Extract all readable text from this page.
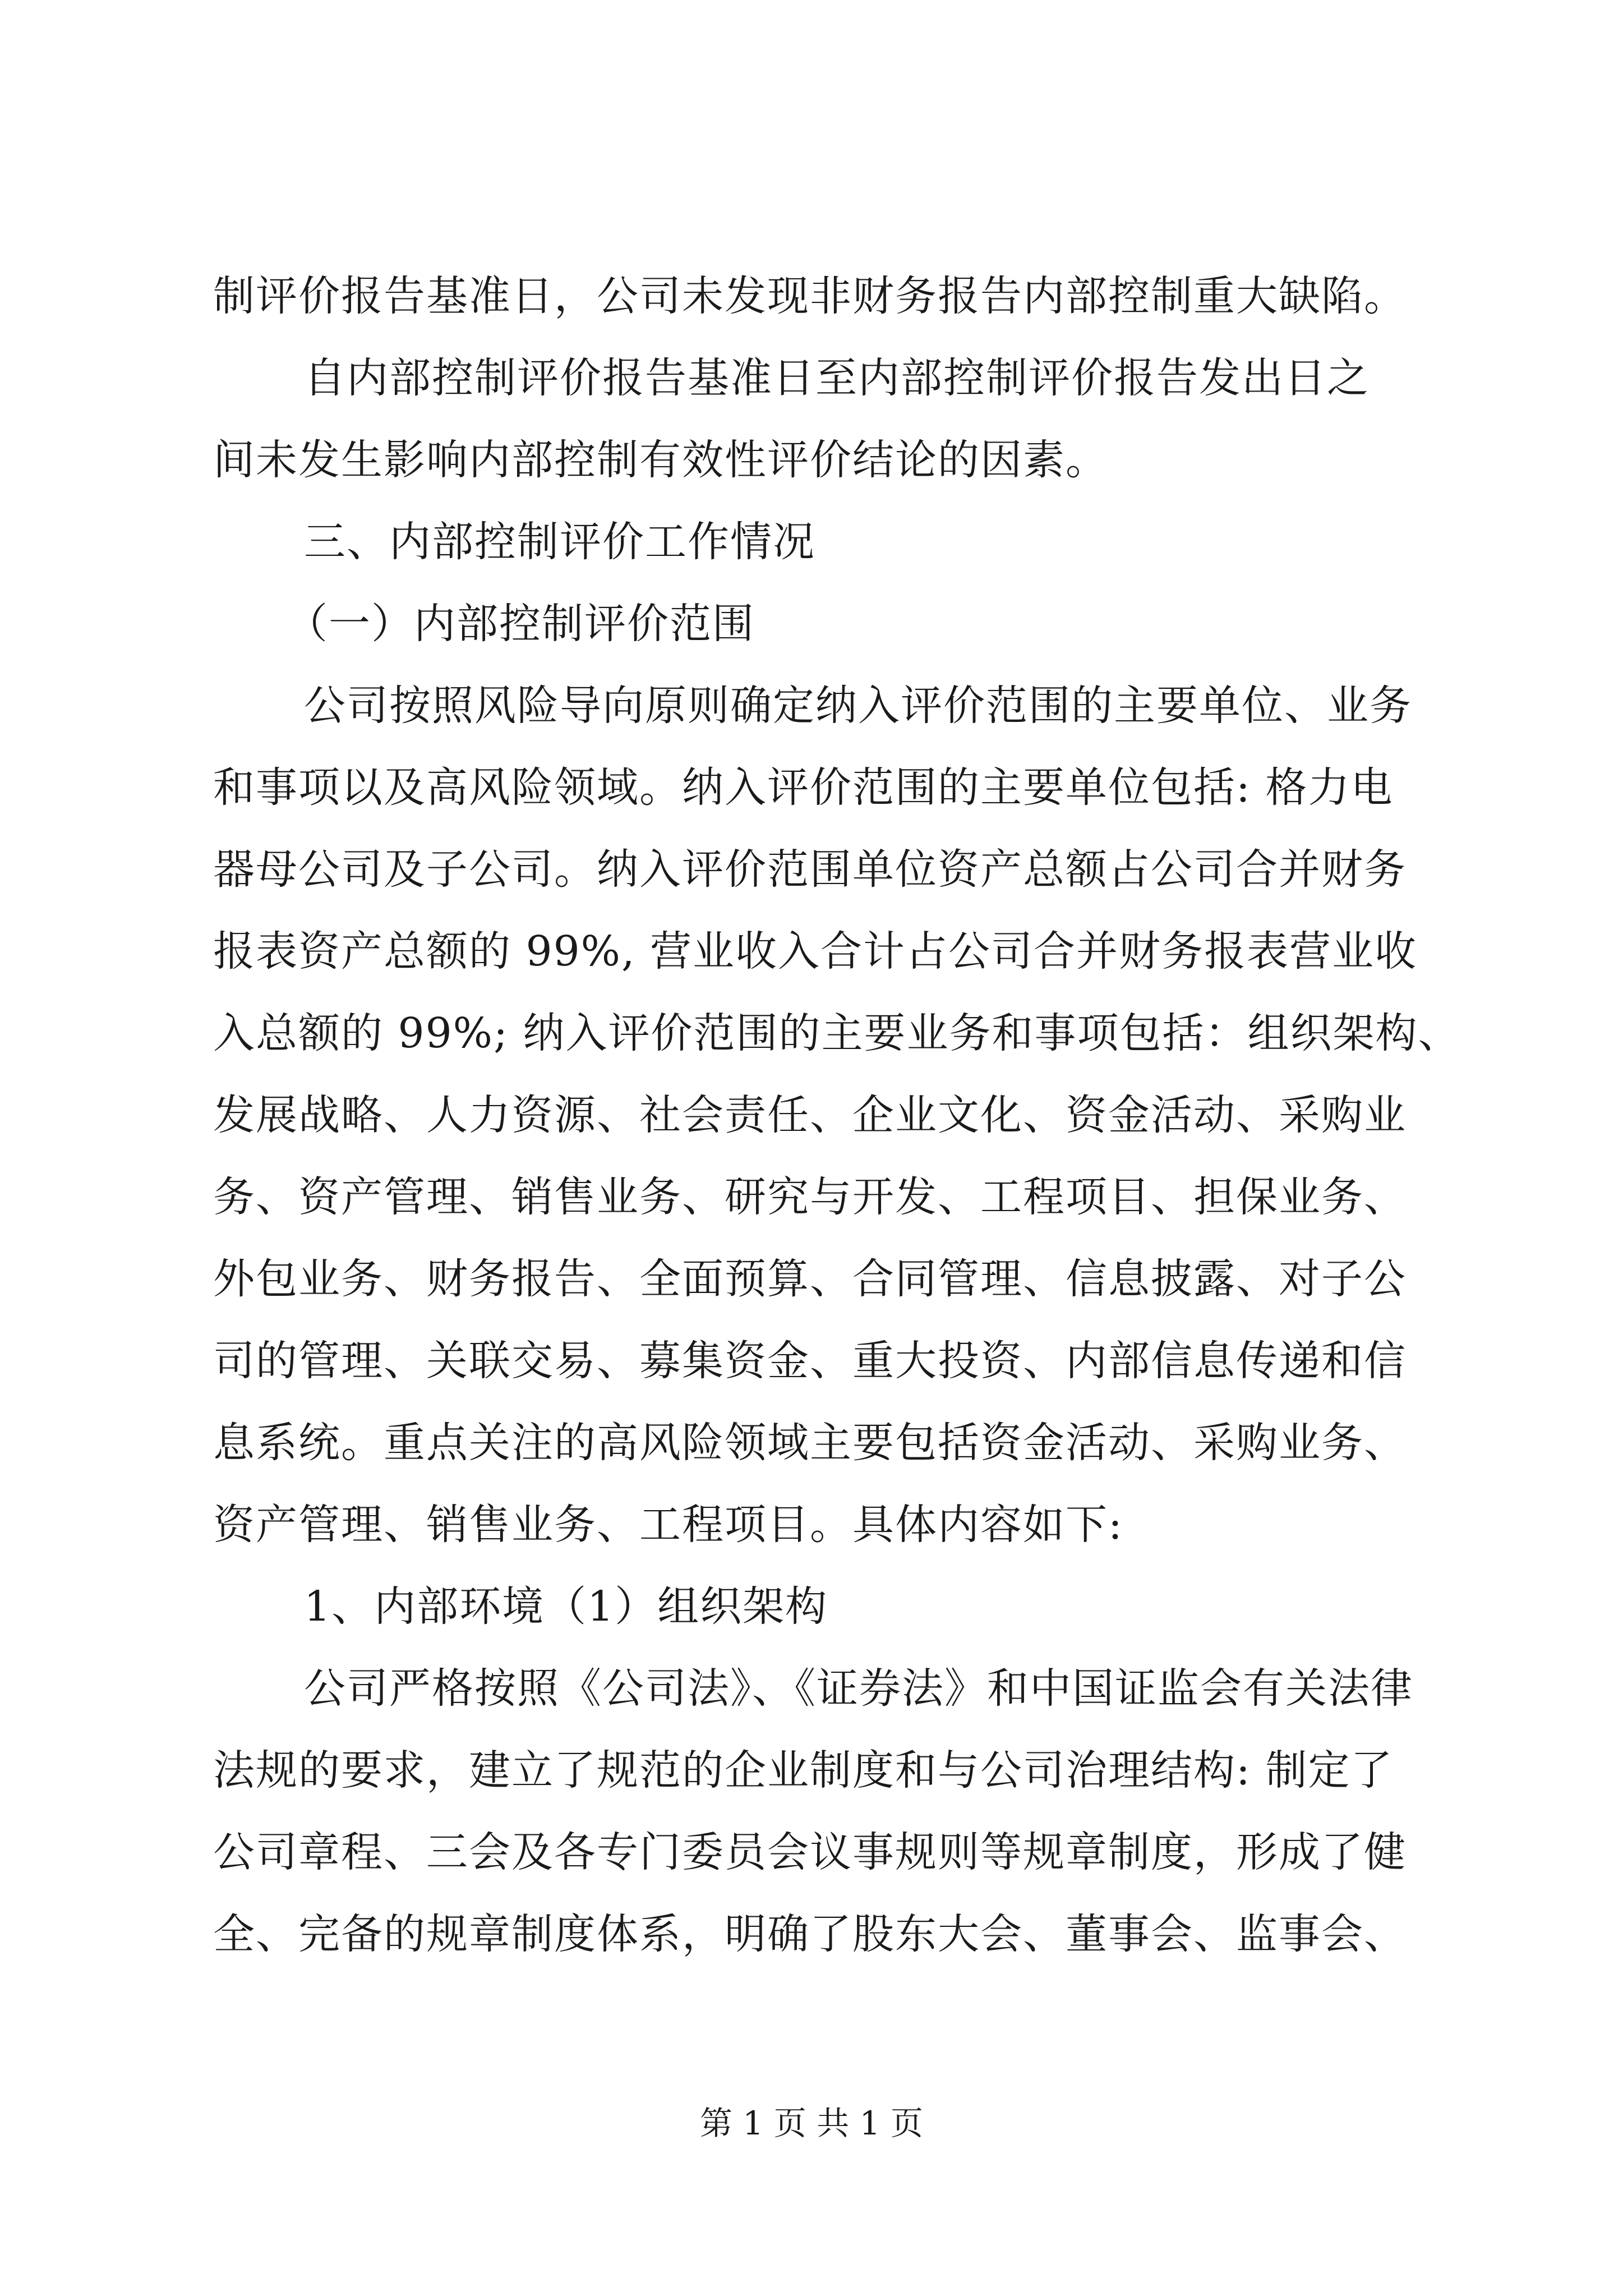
制评价报告基准日，公司未发现非财务报告内部控制重大缺陷。
自内部控制评价报告基准日至内部控制评价报告发出日之
间未发生影响内部控制有效性评价结论的因素。
三、内部控制评价工作情况
（一）内部控制评价范围
公司按照风险导向原则确定纳入评价范围的主要单位、业务
和事项以及高风险领域。纳入评价范围的主要单位包括: 格力电
器母公司及子公司。纳入评价范围单位资产总额占公司合并财务
报表资产总额的 99%, 营业收入合计占公司合并财务报表营业收
入总额的 99%; 纳入评价范围的主要业务和事项包括：组织架构、
发展战略、人力资源、社会责任、企业文化、资金活动、采购业
务、资产管理、销售业务、研究与开发、工程项目、担保业务、
外包业务、财务报告、全面预算、合同管理、信息披露、对子公
司的管理、关联交易、募集资金、重大投资、内部信息传递和信
息系统。重点关注的高风险领域主要包括资金活动、采购业务、
资产管理、销售业务、工程项目。具体内容如下:
1、内部环境（1）组织架构
公司严格按照《公司法》、《证券法》和中国证监会有关法律
法规的要求，建立了规范的企业制度和与公司治理结构: 制定了
公司章程、三会及各专门委员会议事规则等规章制度，形成了健
全、完备的规章制度体系，明确了股东大会、董事会、监事会、
第 1 页 共 1 页
